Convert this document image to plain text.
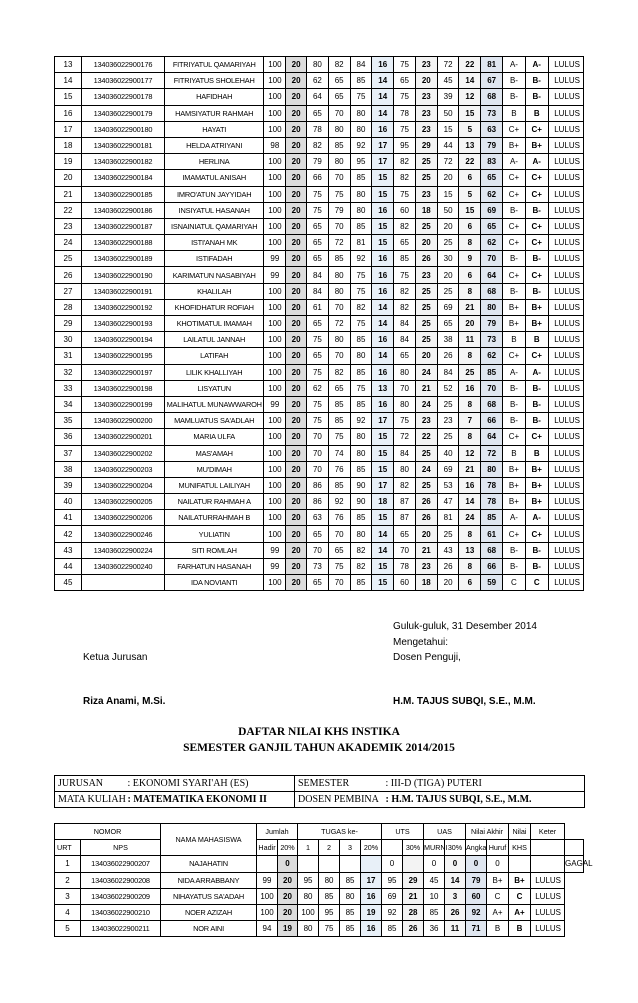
13	134036022900176	FITRIYATUL QAMARIYAH	100	20	80	82	84	16	75	23	72	22	81	A-	A-	LULUS
14	134036022900177	FITRIYATUS SHOLEHAH	100	20	62	65	85	14	65	20	45	14	67	B-	B-	LULUS
15	134036022900178	HAFIDHAH	100	20	64	65	75	14	75	23	39	12	68	B-	B-	LULUS
16	134036022900179	HAMSIYATUR RAHMAH	100	20	65	70	80	14	78	23	50	15	73	B	B	LULUS
17	134036022900180	HAYATI	100	20	78	80	80	16	75	23	15	5	63	C+	C+	LULUS
18	134036022900181	HELDA ATRIYANI	98	20	82	85	92	17	95	29	44	13	79	B+	B+	LULUS
19	134036022900182	HERLINA	100	20	79	80	95	17	82	25	72	22	83	A-	A-	LULUS
20	134036022900184	IMAMATUL ANISAH	100	20	66	70	85	15	82	25	20	6	65	C+	C+	LULUS
21	134036022900185	IMRO'ATUN JAYYIDAH	100	20	75	75	80	15	75	23	15	5	62	C+	C+	LULUS
22	134036022900186	INSIYATUL HASANAH	100	20	75	79	80	16	60	18	50	15	69	B-	B-	LULUS
23	134036022900187	ISNAINIATUL QAMARIYAH	100	20	65	70	85	15	82	25	20	6	65	C+	C+	LULUS
24	134036022900188	ISTI'ANAH MK	100	20	65	72	81	15	65	20	25	8	62	C+	C+	LULUS
25	134036022900189	ISTIFADAH	99	20	65	85	92	16	85	26	30	9	70	B-	B-	LULUS
26	134036022900190	KARIMATUN NASABIYAH	99	20	84	80	75	16	75	23	20	6	64	C+	C+	LULUS
27	134036022900191	KHALILAH	100	20	84	80	75	16	82	25	25	8	68	B-	B-	LULUS
28	134036022900192	KHOFIDHATUR ROFIAH	100	20	61	70	82	14	82	25	69	21	80	B+	B+	LULUS
29	134036022900193	KHOTIMATUL IMAMAH	100	20	65	72	75	14	84	25	65	20	79	B+	B+	LULUS
30	134036022900194	LAILATUL JANNAH	100	20	75	80	85	16	84	25	38	11	73	B	B	LULUS
31	134036022900195	LATIFAH	100	20	65	70	80	14	65	20	26	8	62	C+	C+	LULUS
32	134036022900197	LILIK KHALLIYAH	100	20	75	82	85	16	80	24	84	25	85	A-	A-	LULUS
33	134036022900198	LISYATUN	100	20	62	65	75	13	70	21	52	16	70	B-	B-	LULUS
34	134036022900199	MALIHATUL MUNAWWAROH	99	20	75	85	85	16	80	24	25	8	68	B-	B-	LULUS
35	134036022900200	MAMLUATUS SA'ADLAH	100	20	75	85	92	17	75	23	23	7	66	B-	B-	LULUS
36	134036022900201	MARIA ULFA	100	20	70	75	80	15	72	22	25	8	64	C+	C+	LULUS
37	134036022900202	MAS'AMAH	100	20	70	74	80	15	84	25	40	12	72	B	B	LULUS
38	134036022900203	MU'DIMAH	100	20	70	76	85	15	80	24	69	21	80	B+	B+	LULUS
39	134036022900204	MUNIFATUL LAILIYAH	100	20	86	85	90	17	82	25	53	16	78	B+	B+	LULUS
40	134036022900205	NAILATUR RAHMAH A	100	20	86	92	90	18	87	26	47	14	78	B+	B+	LULUS
41	134036022900206	NAILATURRAHMAH B	100	20	63	76	85	15	87	26	81	24	85	A-	A-	LULUS
42	134036022900246	YULIATIN	100	20	65	70	80	14	65	20	25	8	61	C+	C+	LULUS
43	134036022900224	SITI ROMLAH	99	20	70	65	82	14	70	21	43	13	68	B-	B-	LULUS
44	134036022900240	FARHATUN HASANAH	99	20	73	75	82	15	78	23	26	8	66	B-	B-	LULUS
45		IDA NOVIANTI	100	20	65	70	85	15	60	18	20	6	59	C	C	LULUS
Guluk-guluk, 31 Desember 2014
Mengetahui:
Dosen Penguji,
Ketua Jurusan
Riza Anami, M.Si.	H.M. TAJUS SUBQI, S.E., M.M.
DAFTAR NILAI KHS INSTIKA
SEMESTER GANJIL TAHUN AKADEMIK 2014/2015
JURUSAN	: EKONOMI SYARI'AH (ES)	SEMESTER	: III-D (TIGA) PUTERI
MATA KULIAH	: MATEMATIKA EKONOMI II	DOSEN PEMBINA	: H.M. TAJUS SUBQI, S.E., M.M.
NOMOR		NAMA MAHASISWA	Jumlah		TUGAS ke-				UTS		UAS		Nilai Akhir		Nilai	Keter	
URT	NPS		Hadir	20%	1	2	3	20%		30%	MURNI	30%	Angka	Huruf	KHS		
1	134036022900207	NAJAHATIN		0					0		0	0	0	0			GAGAL
2	134036022900208	NIDA ARRABBANY	99	20	95	80	85	17	95	29	45	14	79	B+	B+	LULUS	
3	134036022900209	NIHAYATUS SA'ADAH	100	20	80	85	80	16	69	21	10	3	60	C	C	LULUS	
4	134036022900210	NOER AZIZAH	100	20	100	95	85	19	92	28	85	26	92	A+	A+	LULUS	
5	134036022900211	NOR AINI	94	19	80	75	85	16	85	26	36	11	71	B	B	LULUS	
